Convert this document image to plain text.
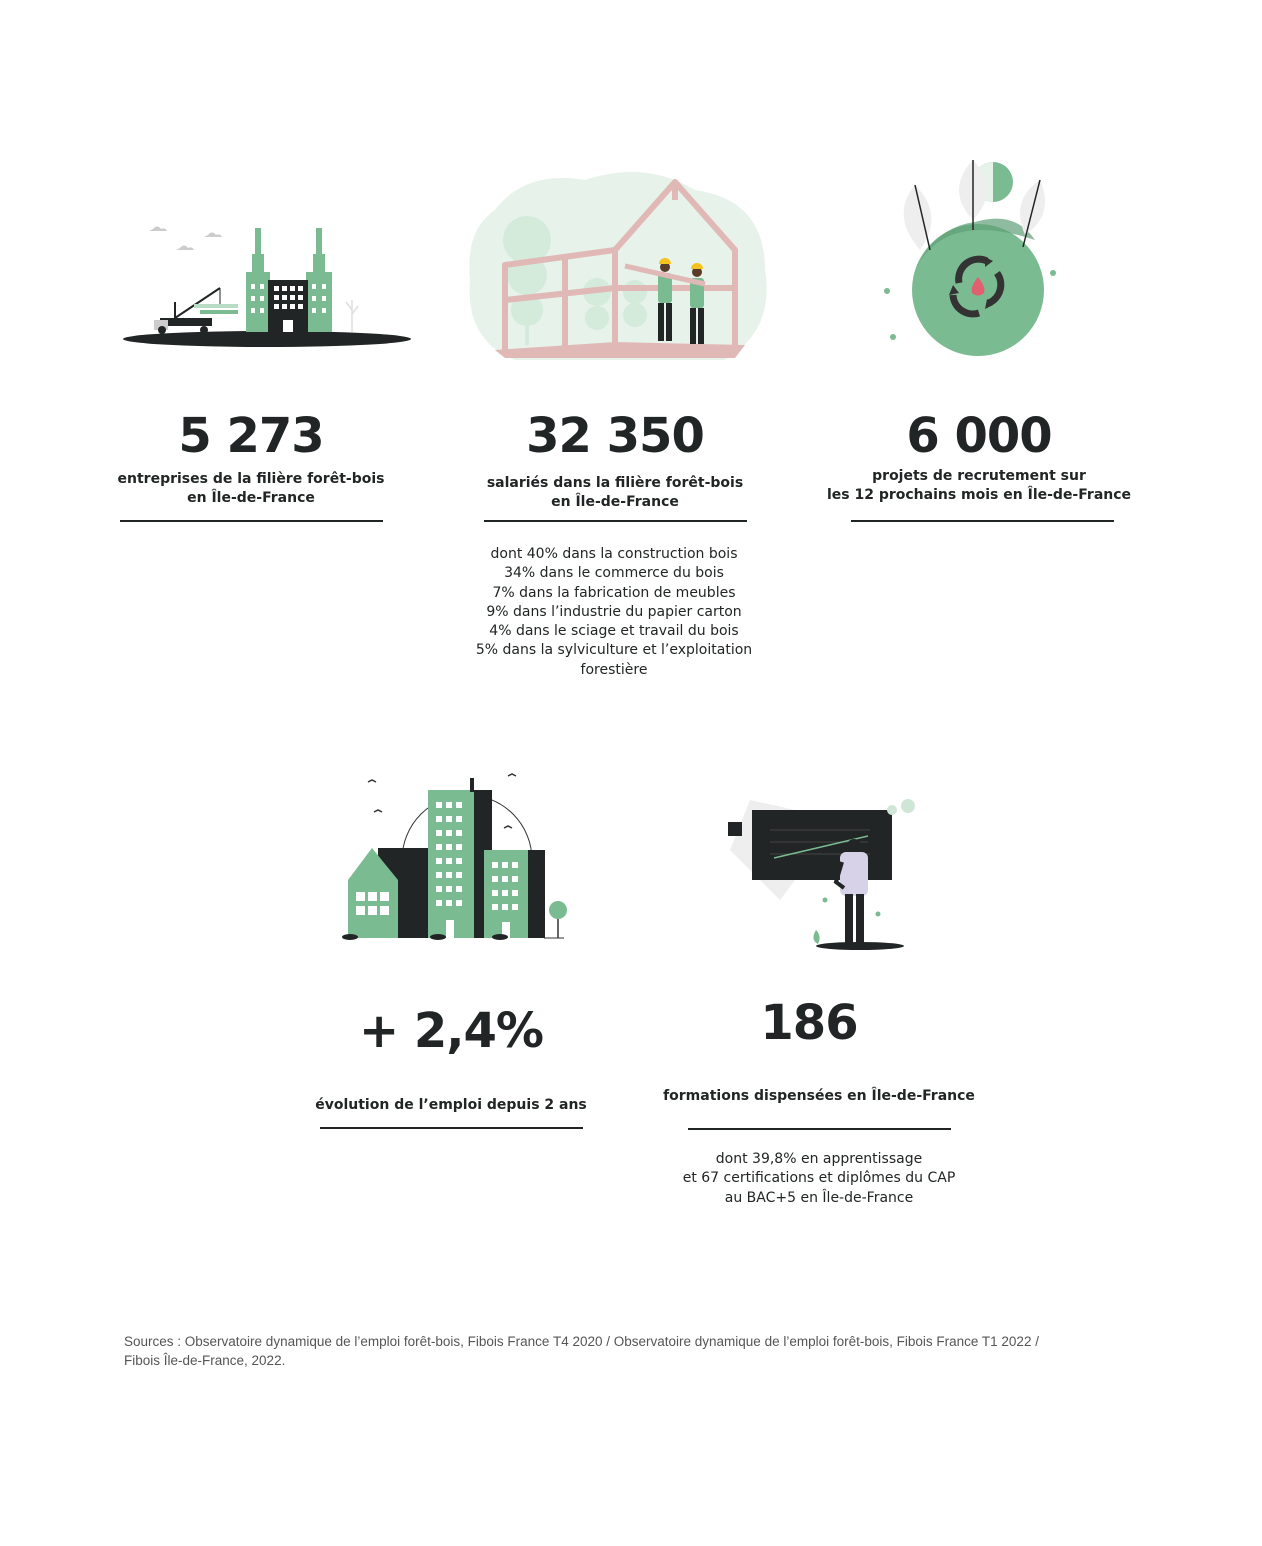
5 273
entreprises de la filière forêt-bois
en Île-de-France
32 350
salariés dans la filière forêt-bois
en Île-de-France
dont 40% dans la construction bois
34% dans le commerce du bois
7% dans la fabrication de meubles
9% dans l’industrie du papier carton
4% dans le sciage et travail du bois
5% dans la sylviculture et l’exploitation
forestière
6 000
projets de recrutement sur
les 12 prochains mois en Île-de-France
+ 2,4%
évolution de l’emploi depuis 2 ans
186
formations dispensées en Île-de-France
dont 39,8% en apprentissage
et 67 certifications et diplômes du CAP
au BAC+5 en Île-de-France
Sources : Observatoire dynamique de l’emploi forêt-bois, Fibois France T4 2020 / Observatoire dynamique de l’emploi forêt-bois, Fibois France T1 2022 /
Fibois Île-de-France, 2022.
